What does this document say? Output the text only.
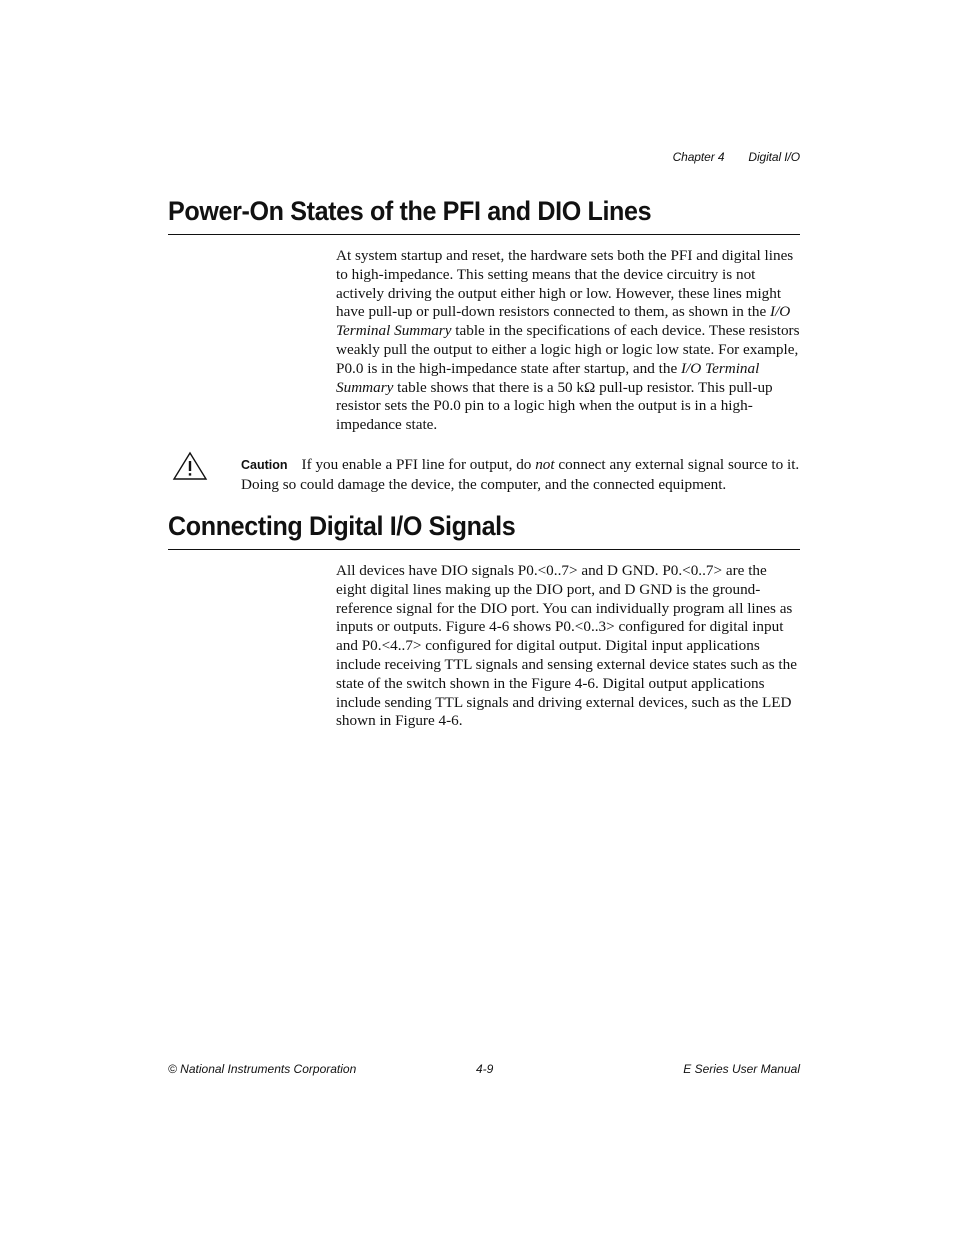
Chapter 4 Digital I/O
Power-On States of the PFI and DIO Lines

At system startup and reset, the hardware sets both the PFI and digital lines to high-impedance. This setting means that the device circuitry is not actively driving the output either high or low. However, these lines might have pull-up or pull-down resistors connected to them, as shown in the I/O Terminal Summary table in the specifications of each device. These resistors weakly pull the output to either a logic high or logic low state. For example, P0.0 is in the high-impedance state after startup, and the I/O Terminal Summary table shows that there is a 50 kΩ pull-up resistor. This pull-up resistor sets the P0.0 pin to a logic high when the output is in a high-impedance state.

Caution If you enable a PFI line for output, do not connect any external signal source to it. Doing so could damage the device, the computer, and the connected equipment.

Connecting Digital I/O Signals

All devices have DIO signals P0.<0..7> and D GND. P0.<0..7> are the eight digital lines making up the DIO port, and D GND is the ground-reference signal for the DIO port. You can individually program all lines as inputs or outputs. Figure 4-6 shows P0.<0..3> configured for digital input and P0.<4..7> configured for digital output. Digital input applications include receiving TTL signals and sensing external device states such as the state of the switch shown in the Figure 4-6. Digital output applications include sending TTL signals and driving external devices, such as the LED shown in Figure 4-6.

© National Instruments Corporation	4-9	E Series User Manual
